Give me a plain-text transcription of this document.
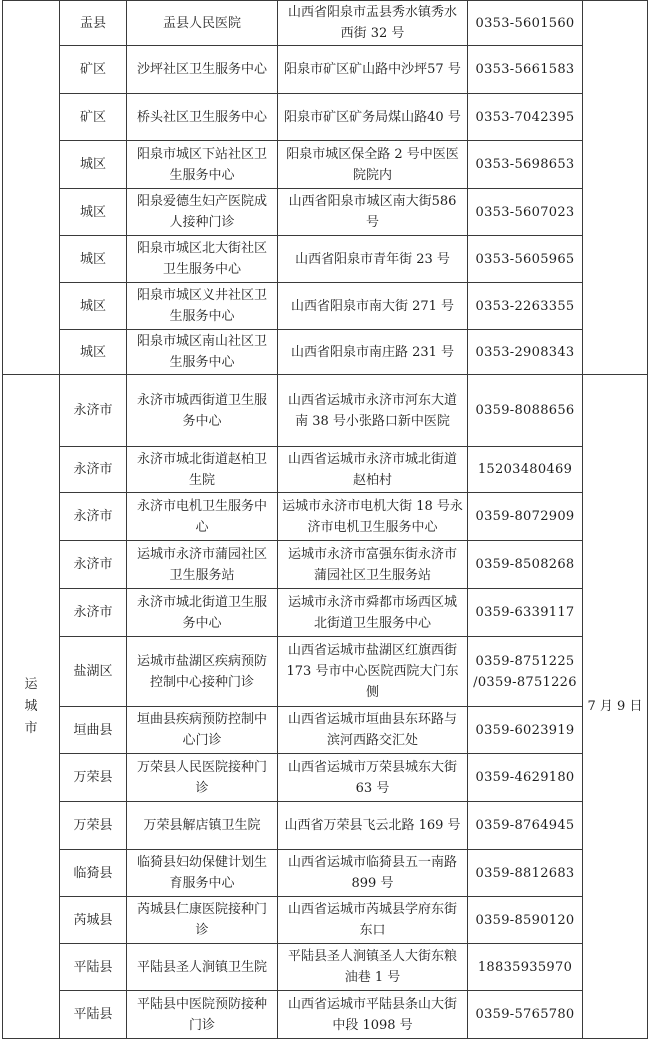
	盂县	盂县人民医院	山西省阳泉市盂县秀水镇秀水西街 32 号	0353-5601560	
	矿区	沙坪社区卫生服务中心	阳泉市矿区矿山路中沙坪57 号	0353-5661583	
	矿区	桥头社区卫生服务中心	阳泉市矿区矿务局煤山路40 号	0353-7042395	
	城区	阳泉市城区下站社区卫生服务中心	阳泉市城区保全路 2 号中医医院院内	0353-5698653	
	城区	阳泉爱德生妇产医院成人接种门诊	山西省阳泉市城区南大街586 号	0353-5607023	
	城区	阳泉市城区北大街社区卫生服务中心	山西省阳泉市青年街 23 号	0353-5605965	
	城区	阳泉市城区义井社区卫生服务中心	山西省阳泉市南大街 271 号	0353-2263355	
	城区	阳泉市城区南山社区卫生服务中心	山西省阳泉市南庄路 231 号	0353-2908343	
运城市	永济市	永济市城西街道卫生服务中心	山西省运城市永济市河东大道南 38 号小张路口新中医院	0359-8088656	7 月 9 日
	永济市	永济市城北街道赵柏卫生院	山西省运城市永济市城北街道赵柏村	15203480469	
	永济市	永济市电机卫生服务中心	运城市永济市电机大街 18 号永济市电机卫生服务中心	0359-8072909	
	永济市	运城市永济市蒲园社区卫生服务站	运城市永济市富强东街永济市蒲园社区卫生服务站	0359-8508268	
	永济市	永济市城北街道卫生服务中心	运城市永济市舜都市场西区城北街道卫生服务中心	0359-6339117	
	盐湖区	运城市盐湖区疾病预防控制中心接种门诊	山西省运城市盐湖区红旗西街 173 号市中心医院西院大门东侧	0359-8751225 /0359-8751226	
	垣曲县	垣曲县疾病预防控制中心门诊	山西省运城市垣曲县东环路与滨河西路交汇处	0359-6023919	
	万荣县	万荣县人民医院接种门诊	山西省运城市万荣县城东大街 63 号	0359-4629180	
	万荣县	万荣县解店镇卫生院	山西省万荣县飞云北路 169 号	0359-8764945	
	临猗县	临猗县妇幼保健计划生育服务中心	山西省运城市临猗县五一南路 899 号	0359-8812683	
	芮城县	芮城县仁康医院接种门诊	山西省运城市芮城县学府东街东口	0359-8590120	
	平陆县	平陆县圣人涧镇卫生院	平陆县圣人涧镇圣人大街东粮油巷 1 号	18835935970	
	平陆县	平陆县中医院预防接种门诊	山西省运城市平陆县条山大街中段 1098 号	0359-5765780	
